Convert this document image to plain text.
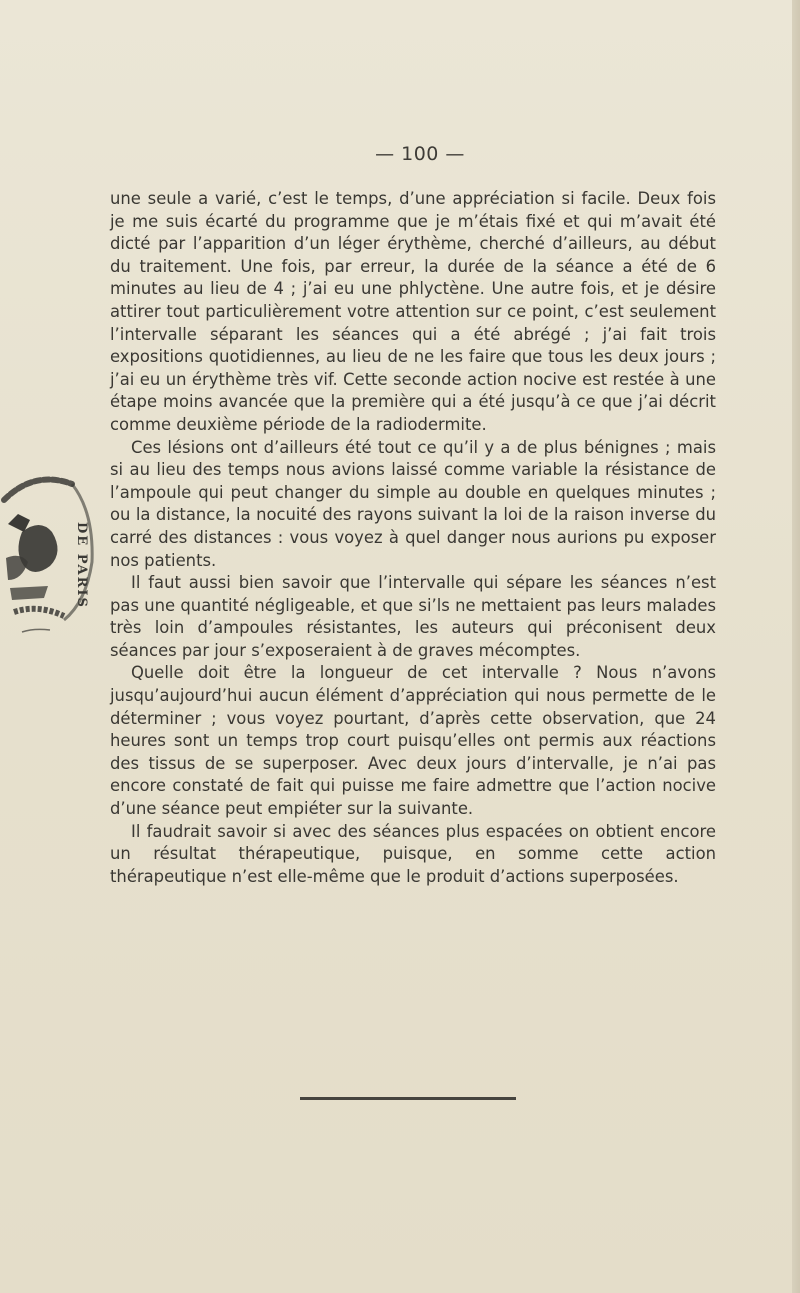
— 100 —

une seule a varié, c’est le temps, d’une appréciation si facile. Deux fois je me suis écarté du programme que je m’étais fixé et qui m’avait été dicté par l’apparition d’un léger érythème, cherché d’ailleurs, au début du traitement. Une fois, par erreur, la durée de la séance a été de 6 minutes au lieu de 4 ; j’ai eu une phlyctène. Une autre fois, et je désire attirer tout particulièrement votre attention sur ce point, c’est seulement l’intervalle séparant les séances qui a été abrégé ; j’ai fait trois expositions quotidiennes, au lieu de ne les faire que tous les deux jours ; j’ai eu un érythème très vif. Cette seconde action nocive est restée à une étape moins avancée que la première qui a été jusqu’à ce que j’ai décrit comme deuxième période de la radiodermite.

Ces lésions ont d’ailleurs été tout ce qu’il y a de plus bénignes ; mais si au lieu des temps nous avions laissé comme variable la résistance de l’ampoule qui peut changer du simple au double en quelques minutes ; ou la distance, la nocuité des rayons suivant la loi de la raison inverse du carré des distances : vous voyez à quel danger nous aurions pu exposer nos patients.

Il faut aussi bien savoir que l’intervalle qui sépare les séances n’est pas une quantité négligeable, et que si’ls ne mettaient pas leurs malades très loin d’ampoules résistantes, les auteurs qui préconisent deux séances par jour s’exposeraient à de graves mécomptes.

Quelle doit être la longueur de cet intervalle ? Nous n’avons jusqu’aujourd’hui aucun élément d’appréciation qui nous permette de le déterminer ; vous voyez pourtant, d’après cette observation, que 24 heures sont un temps trop court puisqu’elles ont permis aux réactions des tissus de se superposer. Avec deux jours d’intervalle, je n’ai pas encore constaté de fait qui puisse me faire admettre que l’action nocive d’une séance peut empiéter sur la suivante.

Il faudrait savoir si avec des séances plus espacées on obtient encore un résultat thérapeutique, puisque, en somme cette action thérapeutique n’est elle-même que le produit d’actions superposées.

DE PARIS
